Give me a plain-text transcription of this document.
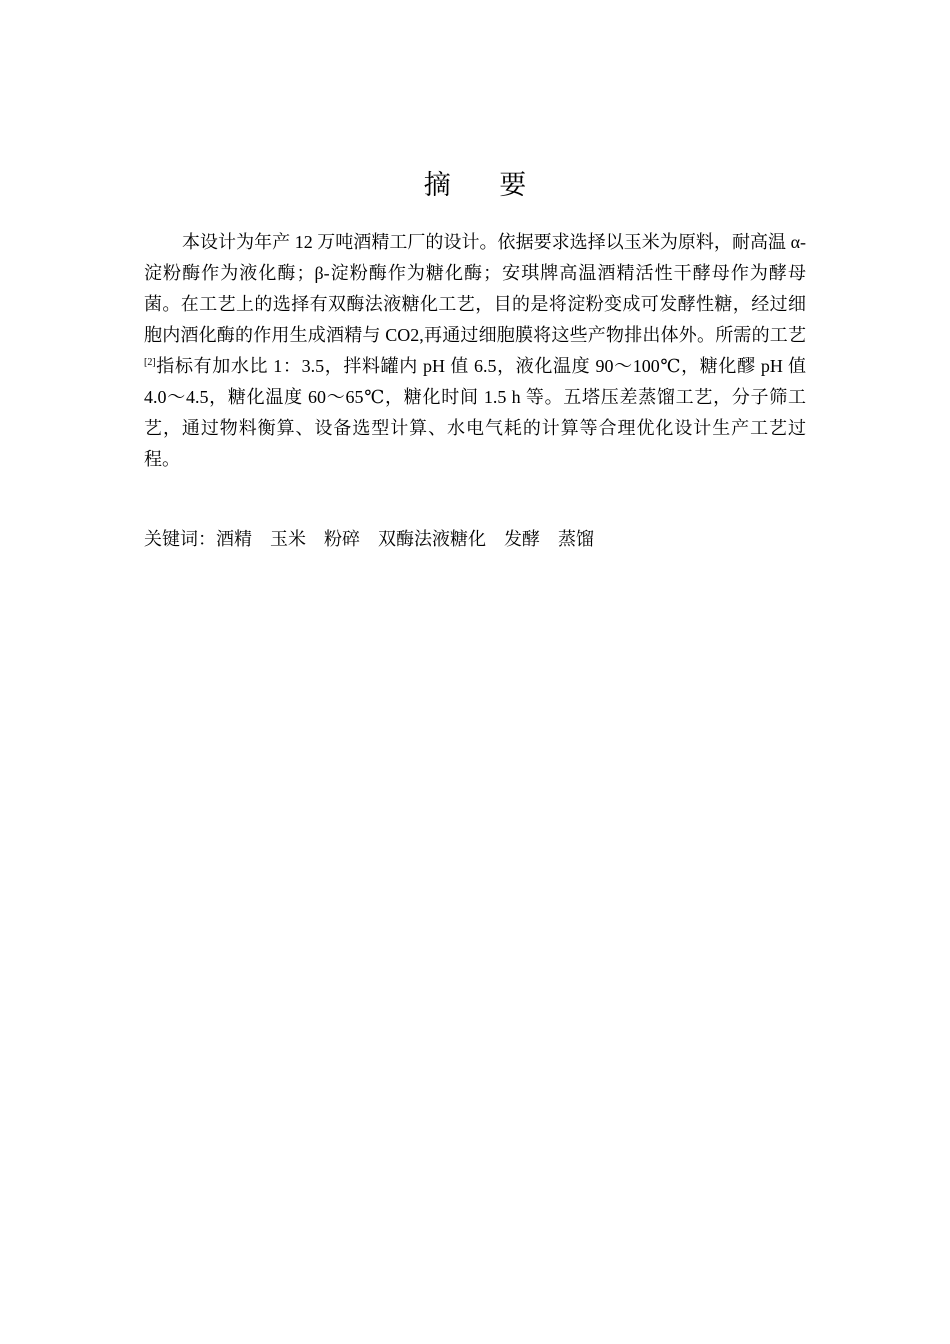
摘 要

本设计为年产 12 万吨酒精工厂的设计。依据要求选择以玉米为原料，耐高温 α-淀粉酶作为液化酶；β-淀粉酶作为糖化酶；安琪牌高温酒精活性干酵母作为酵母菌。在工艺上的选择有双酶法液糖化工艺，目的是将淀粉变成可发酵性糖，经过细胞内酒化酶的作用生成酒精与 CO2,再通过细胞膜将这些产物排出体外。所需的工艺[2]指标有加水比 1：3.5，拌料罐内 pH 值 6.5，液化温度 90～100℃，糖化醪 pH 值 4.0～4.5，糖化温度 60～65℃，糖化时间 1.5 h 等。五塔压差蒸馏工艺，分子筛工艺，通过物料衡算、设备选型计算、水电气耗的计算等合理优化设计生产工艺过程。

关键词：酒精 玉米 粉碎 双酶法液糖化 发酵 蒸馏
